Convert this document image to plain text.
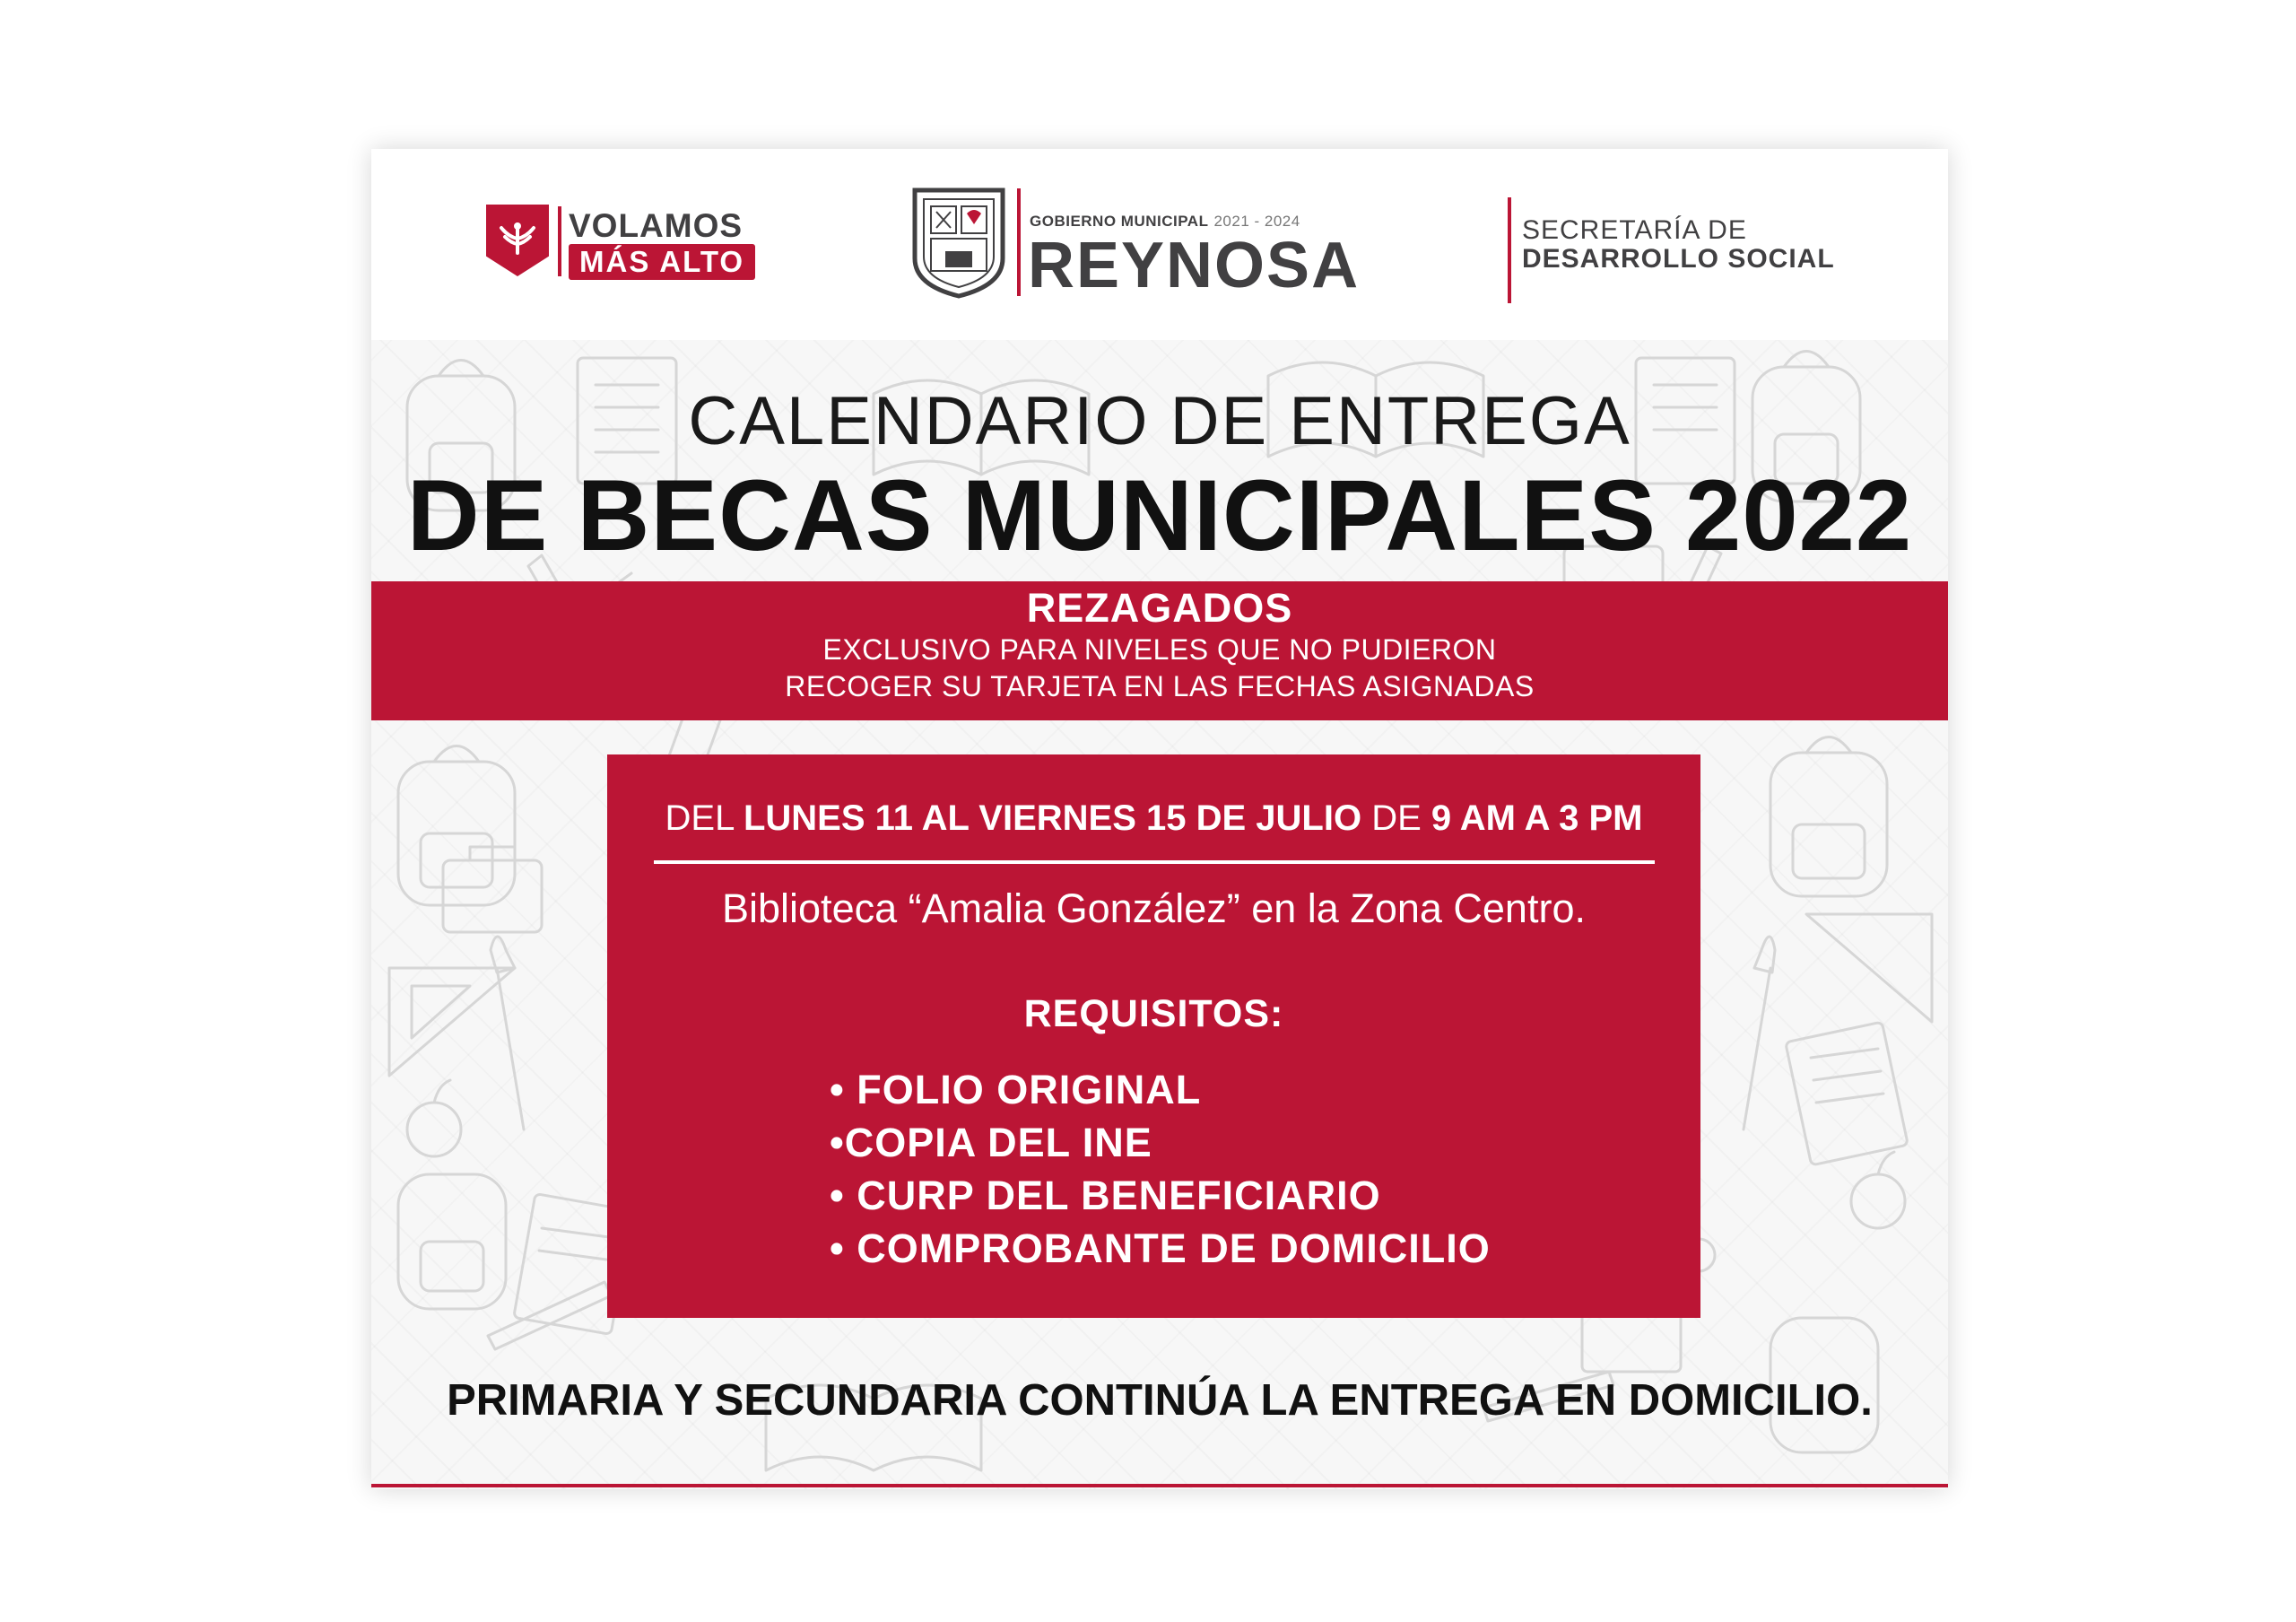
VOLAMOS
MÁS ALTO
GOBIERNO MUNICIPAL 2021 - 2024
REYNOSA	SECRETARÍA DE
DESARROLLO SOCIAL
CALENDARIO DE ENTREGA
DE BECAS MUNICIPALES 2022
REZAGADOS
EXCLUSIVO PARA NIVELES QUE NO PUDIERON
RECOGER SU TARJETA EN LAS FECHAS ASIGNADAS
DEL LUNES 11 AL VIERNES 15 DE JULIO DE 9 AM A 3 PM
Biblioteca “Amalia González” en la Zona Centro.
REQUISITOS:
• FOLIO ORIGINAL
•COPIA DEL INE
• CURP DEL BENEFICIARIO
• COMPROBANTE DE DOMICILIO
PRIMARIA Y SECUNDARIA CONTINÚA LA ENTREGA EN DOMICILIO.
